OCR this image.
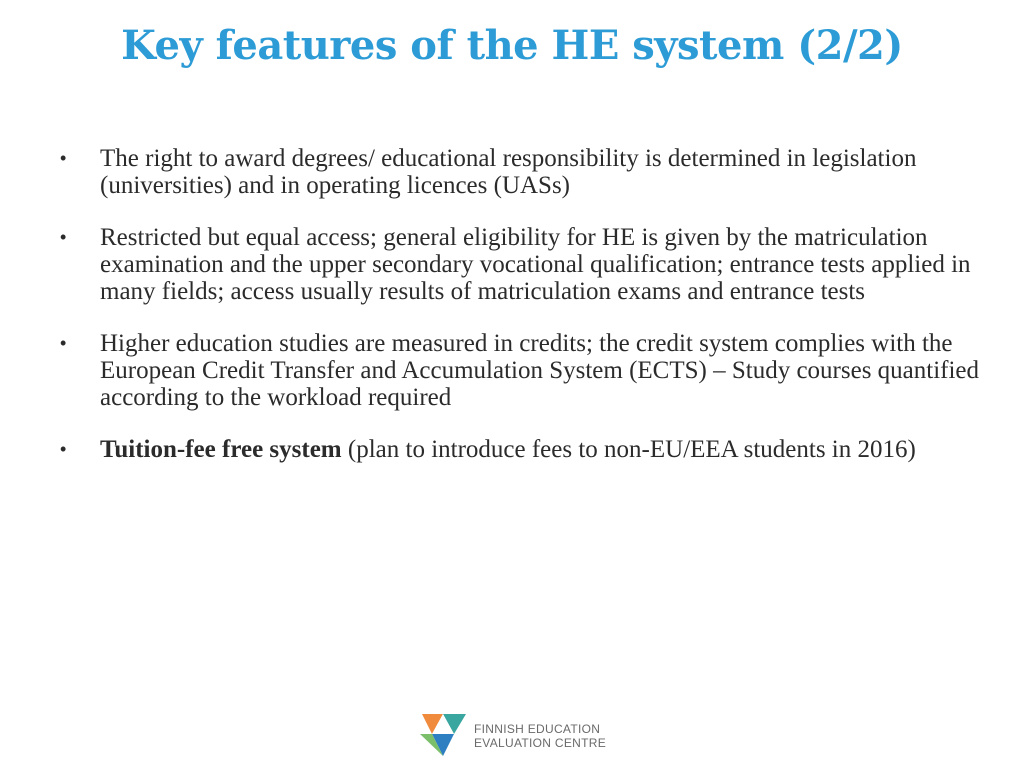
Key features of the HE system (2/2)
• The right to award degrees/ educational responsibility is determined in legislation (universities) and in operating licences (UASs)
• Restricted but equal access; general eligibility for HE is given by the matriculation examination and the upper secondary vocational qualification; entrance tests applied in many fields; access usually results of matriculation exams and entrance tests
• Higher education studies are measured in credits; the credit system complies with the European Credit Transfer and Accumulation System (ECTS) – Study courses quantified according to the workload required
• Tuition-fee free system (plan to introduce fees to non-EU/EEA students in 2016)
FINNISH EDUCATION
EVALUATION CENTRE
